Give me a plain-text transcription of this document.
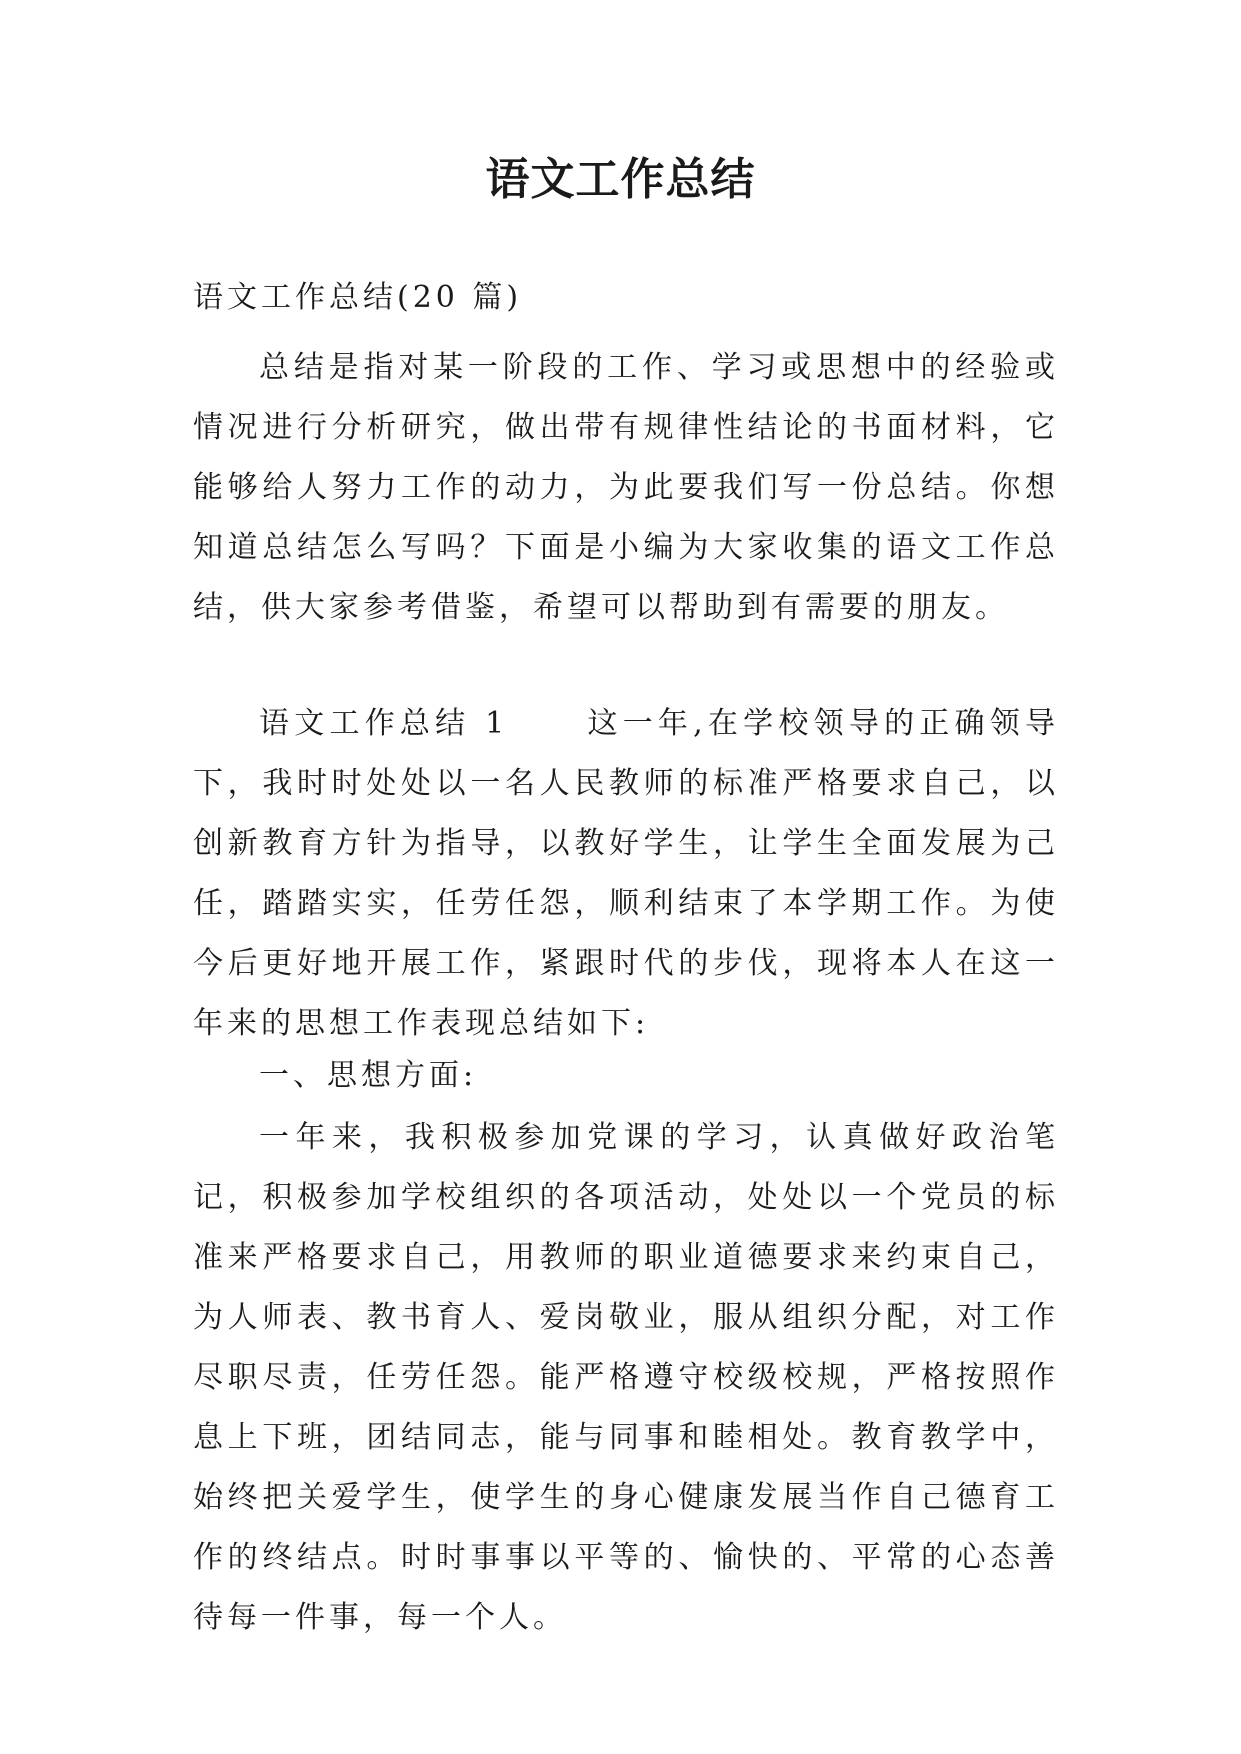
语文工作总结

语文工作总结(20 篇)

总结是指对某一阶段的工作、学习或思想中的经验或情况进行分析研究，做出带有规律性结论的书面材料，它能够给人努力工作的动力，为此要我们写一份总结。你想知道总结怎么写吗？下面是小编为大家收集的语文工作总结，供大家参考借鉴，希望可以帮助到有需要的朋友。

语文工作总结 1	这一年,在学校领导的正确领导下，我时时处处以一名人民教师的标准严格要求自己，以创新教育方针为指导，以教好学生，让学生全面发展为己任，踏踏实实，任劳任怨，顺利结束了本学期工作。为使今后更好地开展工作，紧跟时代的步伐，现将本人在这一年来的思想工作表现总结如下:

一、思想方面:

一年来，我积极参加党课的学习，认真做好政治笔记，积极参加学校组织的各项活动，处处以一个党员的标准来严格要求自己，用教师的职业道德要求来约束自己，为人师表、教书育人、爱岗敬业，服从组织分配，对工作尽职尽责，任劳任怨。能严格遵守校级校规，严格按照作息上下班，团结同志，能与同事和睦相处。教育教学中，始终把关爱学生，使学生的身心健康发展当作自己德育工作的终结点。时时事事以平等的、愉快的、平常的心态善待每一件事，每一个人。
